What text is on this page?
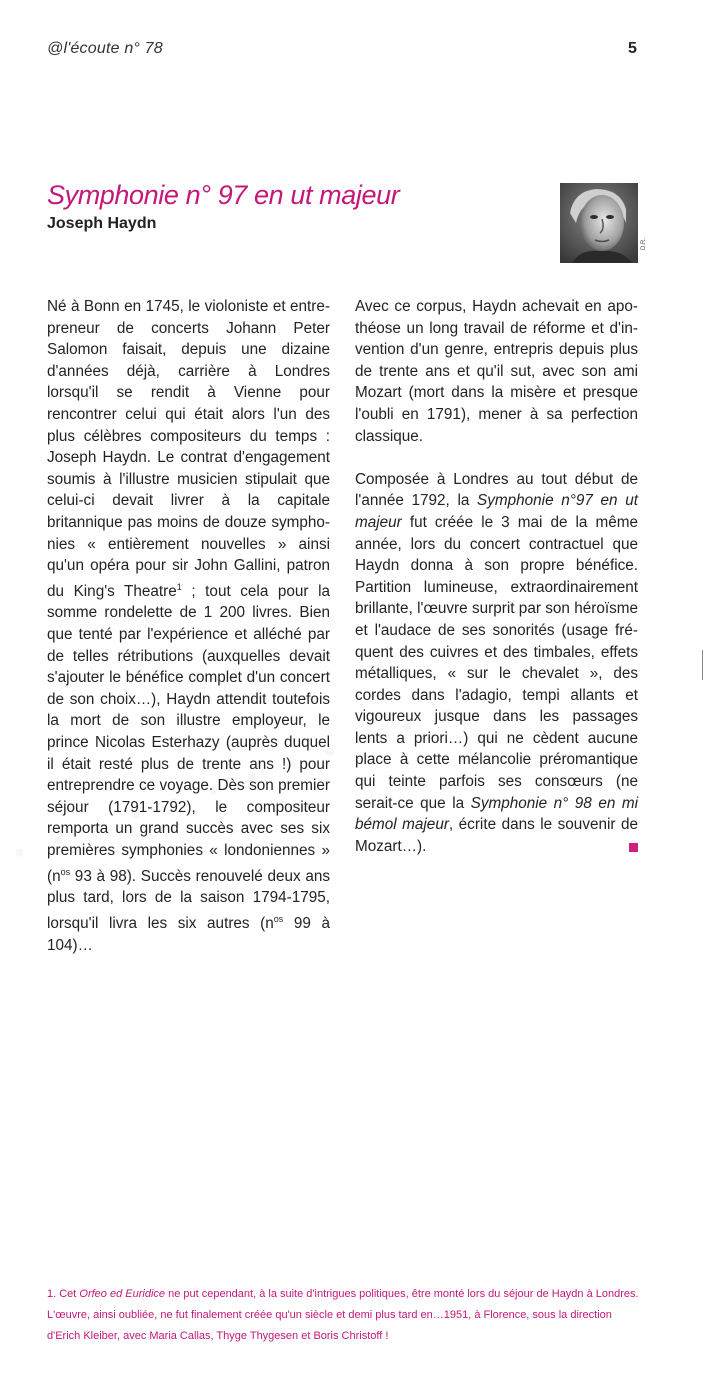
@l'écoute n° 78	5
Symphonie n° 97 en ut majeur
Joseph Haydn
D.R.

Né à Bonn en 1745, le violoniste et entrepreneur de concerts Johann Peter Salomon faisait, depuis une dizaine d'années déjà, carrière à Londres lorsqu'il se rendit à Vienne pour rencontrer celui qui était alors l'un des plus célèbres compositeurs du temps : Joseph Haydn. Le contrat d'engagement soumis à l'illustre musicien stipulait que celui-ci devait livrer à la capitale britannique pas moins de douze symphonies « entièrement nouvelles » ainsi qu'un opéra pour sir John Gallini, patron du King's Theatre$^1$ ; tout cela pour la somme rondelette de 1 200 livres. Bien que tenté par l'expérience et alléché par de telles rétributions (auxquelles devait s'ajouter le bénéfice complet d'un concert de son choix…), Haydn attendit toutefois la mort de son illustre employeur, le prince Nicolas Esterhazy (auprès duquel il était resté plus de trente ans !) pour entreprendre ce voyage. Dès son premier séjour (1791-1792), le compositeur remporta un grand succès avec ses six premières symphonies « londoniennes » ($n^{os}$ 93 à 98). Succès renouvelé deux ans plus tard, lors de la saison 1794-1795, lorsqu'il livra les six autres ($n^{os}$ 99 à 104)…

Avec ce corpus, Haydn achevait en apothéose un long travail de réforme et d'invention d'un genre, entrepris depuis plus de trente ans et qu'il sut, avec son ami Mozart (mort dans la misère et presque l'oubli en 1791), mener à sa perfection classique.

Composée à Londres au tout début de l'année 1792, la Symphonie n°97 en ut majeur fut créée le 3 mai de la même année, lors du concert contractuel que Haydn donna à son propre bénéfice. Partition lumineuse, extraordinairement brillante, l'œuvre surprit par son héroïsme et l'audace de ses sonorités (usage fréquent des cuivres et des timbales, effets métalliques, « sur le chevalet », des cordes dans l'adagio, tempi allants et vigoureux jusque dans les passages lents a priori…) qui ne cèdent aucune place à cette mélancolie préromantique qui teinte parfois ses consœurs (ne serait-ce que la Symphonie n° 98 en mi bémol majeur, écrite dans le souvenir de Mozart…).

1. Cet Orfeo ed Euridice ne put cependant, à la suite d'intrigues politiques, être monté lors du séjour de Haydn à Londres. L'œuvre, ainsi oubliée, ne fut finalement créée qu'un siècle et demi plus tard en…1951, à Florence, sous la direction d'Erich Kleiber, avec Maria Callas, Thyge Thygesen et Boris Christoff !
